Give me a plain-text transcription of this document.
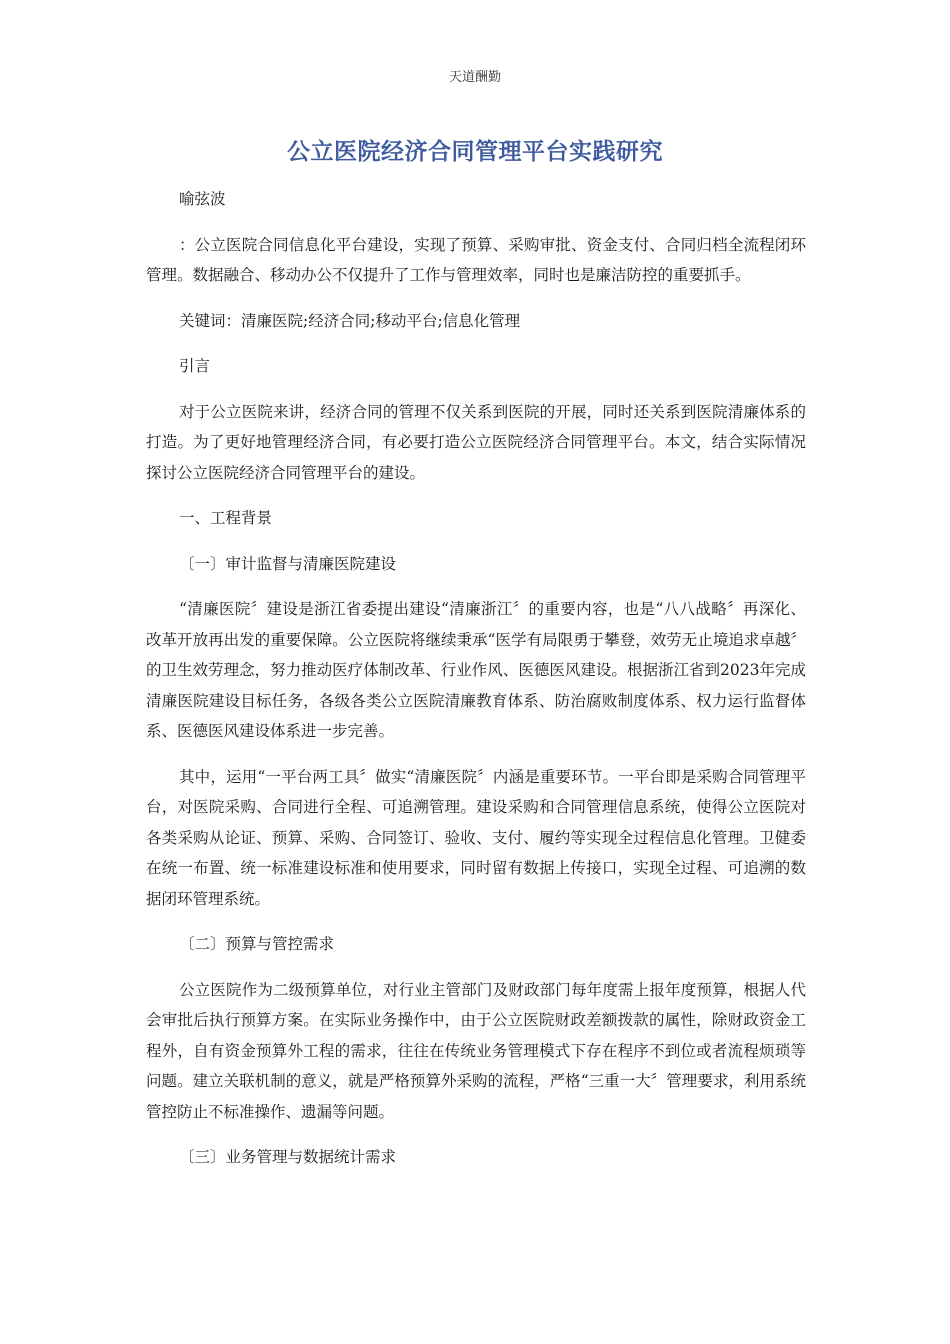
天道酬勤
公立医院经济合同管理平台实践研究

喻弦波

：公立医院合同信息化平台建设，实现了预算、采购审批、资金支付、合同归档全流程闭环管理。数据融合、移动办公不仅提升了工作与管理效率，同时也是廉洁防控的重要抓手。

关键词：清廉医院;经济合同;移动平台;信息化管理

引言

对于公立医院来讲，经济合同的管理不仅关系到医院的开展，同时还关系到医院清廉体系的打造。为了更好地管理经济合同，有必要打造公立医院经济合同管理平台。本文，结合实际情况探讨公立医院经济合同管理平台的建设。

一、工程背景

〔一〕审计监督与清廉医院建设

“清廉医院〞建设是浙江省委提出建设“清廉浙江〞的重要内容，也是“八八战略〞再深化、改革开放再出发的重要保障。公立医院将继续秉承“医学有局限勇于攀登，效劳无止境追求卓越〞的卫生效劳理念，努力推动医疗体制改革、行业作风、医德医风建设。根据浙江省到2023年完成清廉医院建设目标任务，各级各类公立医院清廉教育体系、防治腐败制度体系、权力运行监督体系、医德医风建设体系进一步完善。

其中，运用“一平台两工具〞做实“清廉医院〞内涵是重要环节。一平台即是采购合同管理平台，对医院采购、合同进行全程、可追溯管理。建设采购和合同管理信息系统，使得公立医院对各类采购从论证、预算、采购、合同签订、验收、支付、履约等实现全过程信息化管理。卫健委在统一布置、统一标准建设标准和使用要求，同时留有数据上传接口，实现全过程、可追溯的数据闭环管理系统。

〔二〕预算与管控需求

公立医院作为二级预算单位，对行业主管部门及财政部门每年度需上报年度预算，根据人代会审批后执行预算方案。在实际业务操作中，由于公立医院财政差额拨款的属性，除财政资金工程外，自有资金预算外工程的需求，往往在传统业务管理模式下存在程序不到位或者流程烦琐等问题。建立关联机制的意义，就是严格预算外采购的流程，严格“三重一大〞管理要求，利用系统管控防止不标准操作、遗漏等问题。

〔三〕业务管理与数据统计需求
